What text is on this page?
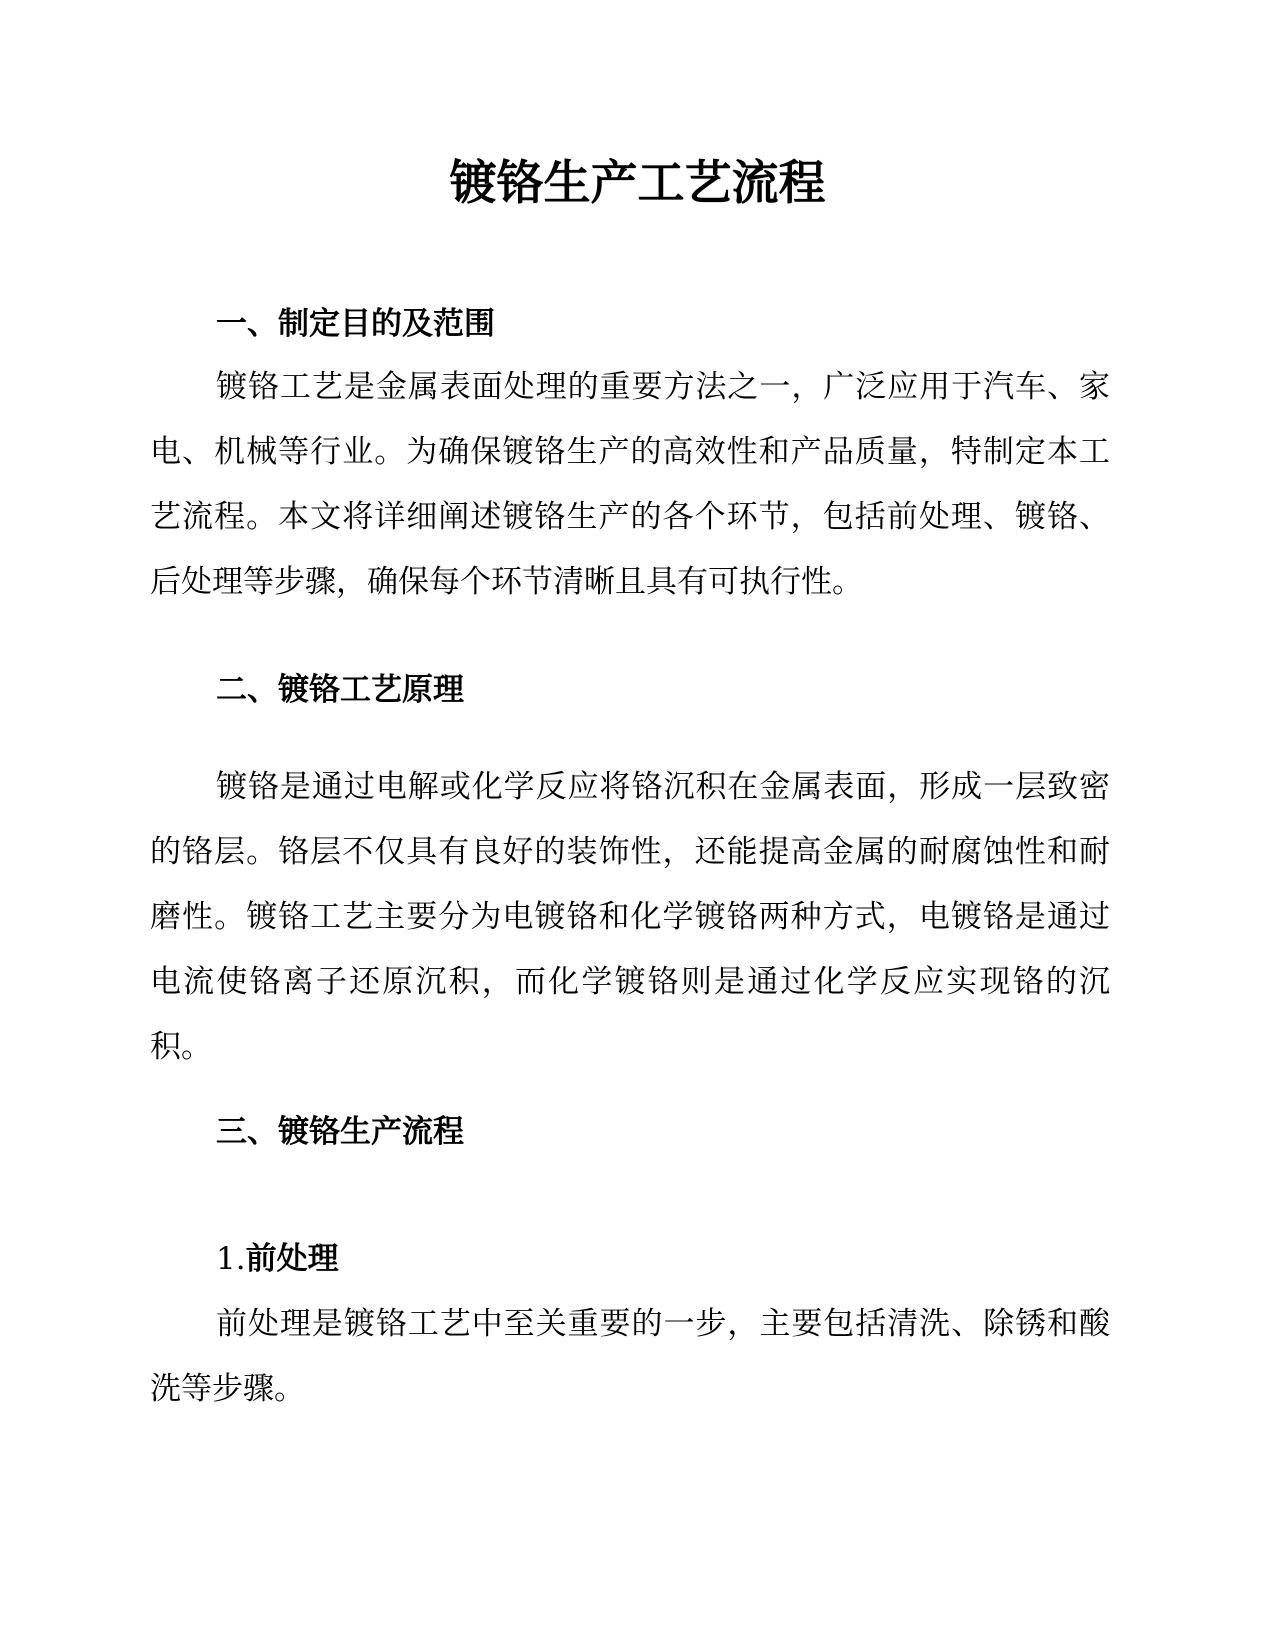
镀铬生产工艺流程
一、制定目的及范围

镀铬工艺是金属表面处理的重要方法之一，广泛应用于汽车、家电、机械等行业。为确保镀铬生产的高效性和产品质量，特制定本工艺流程。本文将详细阐述镀铬生产的各个环节，包括前处理、镀铬、后处理等步骤，确保每个环节清晰且具有可执行性。

二、镀铬工艺原理

镀铬是通过电解或化学反应将铬沉积在金属表面，形成一层致密的铬层。铬层不仅具有良好的装饰性，还能提高金属的耐腐蚀性和耐磨性。镀铬工艺主要分为电镀铬和化学镀铬两种方式，电镀铬是通过电流使铬离子还原沉积，而化学镀铬则是通过化学反应实现铬的沉积。

三、镀铬生产流程
1.前处理

前处理是镀铬工艺中至关重要的一步，主要包括清洗、除锈和酸洗等步骤。
